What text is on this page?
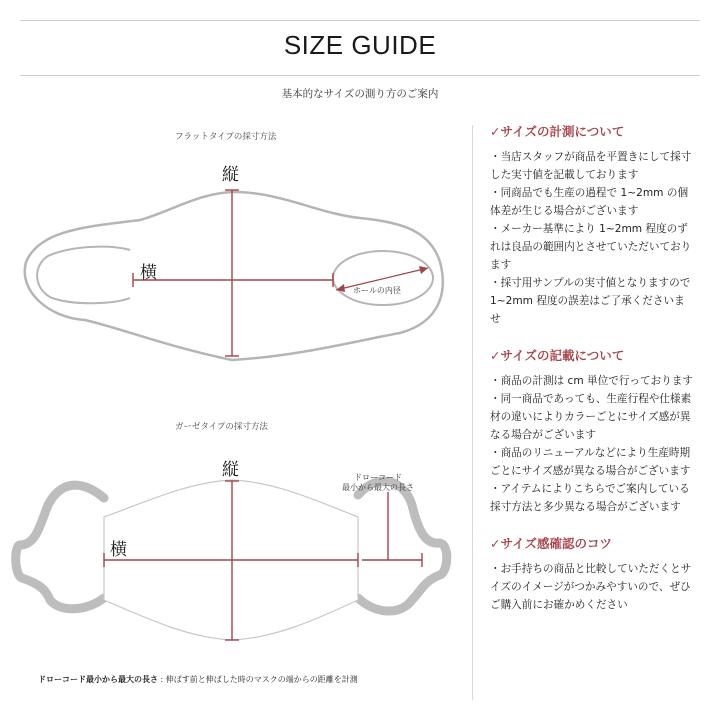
SIZE GUIDE
基本的なサイズの測り方のご案内
フラットタイプの採寸方法
縦
横
ホールの内径
ガーゼタイプの採寸方法
縦
横
ドローコード
最小から最大の長さ
ドローコード最小から最大の長さ : 伸ばす前と伸ばした時のマスクの端からの距離を計測
✓サイズの計測について
・当店スタッフが商品を平置きにして採寸した実寸値を記載しております
・同商品でも生産の過程で 1~2mm の個体差が生じる場合がございます
・メーカー基準により 1~2mm 程度のずれは良品の範囲内とさせていただいております
・採寸用サンプルの実寸値となりますので 1~2mm 程度の誤差はご了承くださいませ
✓サイズの記載について
・商品の計測は cm 単位で行っております
・同一商品であっても、生産行程や仕様素材の違いによりカラーごとにサイズ感が異なる場合がございます
・商品のリニューアルなどにより生産時期ごとにサイズ感が異なる場合がございます
・アイテムによりこちらでご案内している採寸方法と多少異なる場合がございます
✓サイズ感確認のコツ
・お手持ちの商品と比較していただくとサイズのイメージがつかみやすいので、ぜひご購入前にお確かめください
